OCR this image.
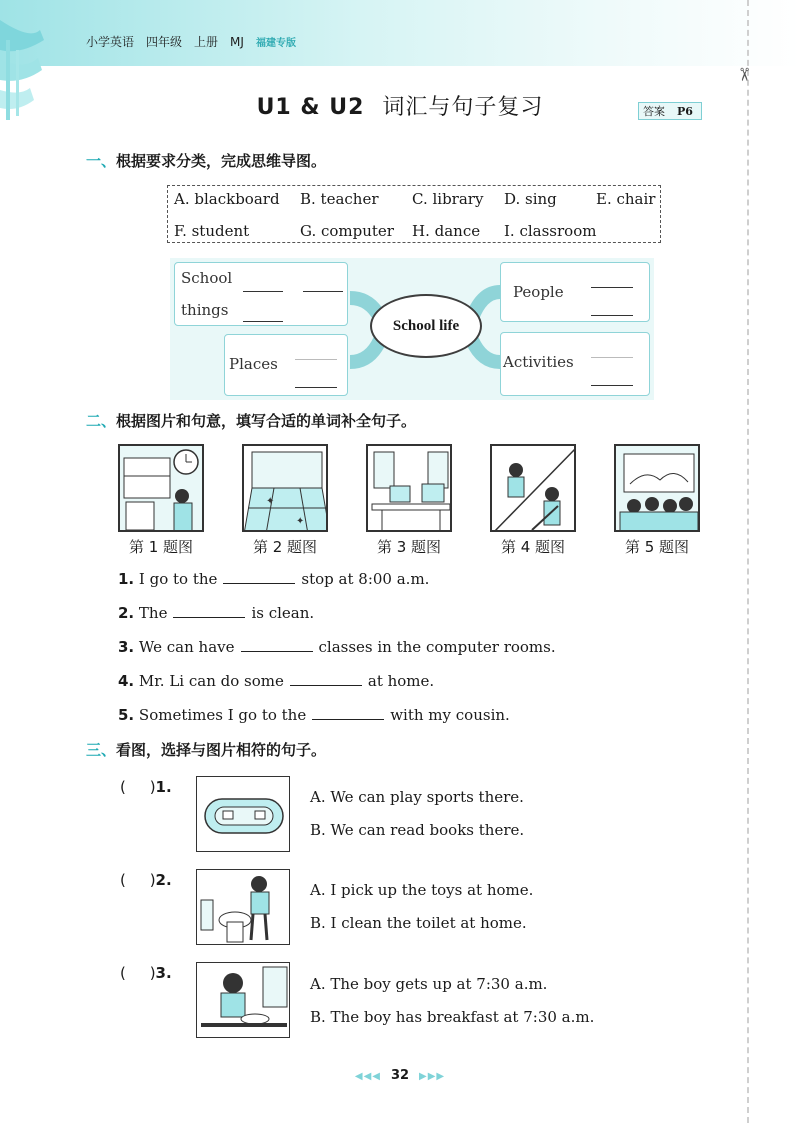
小学英语 四年级 上册 MJ 福建专版
✂
U1 & U2 词汇与句子复习	答案	P6
一、根据要求分类，完成思维导图。
A. blackboard B. teacher C. library D. sing	E. chair
F. student	G. computer H. dance I. classroom
School
things
Places
School life
People
Activities
二、根据图片和句意，填写合适的单词补全句子。
✦
✦
第 1 题图	第 2 题图	第 3 题图	第 4 题图	第 5 题图
1. I go to the	stop at 8:00 a.m.
2. The	is clean.
3. We can have	classes in the computer rooms.
4. Mr. Li can do some	at home.
5. Sometimes I go to the	with my cousin.
三、看图，选择与图片相符的句子。
(     )1.
A. We can play sports there.
B. We can read books there.
(     )2.
A. I pick up the toys at home.
B. I clean the toilet at home.
(     )3.
A. The boy gets up at 7:30 a.m.
B. The boy has breakfast at 7:30 a.m.
◀◀◀ 32 ▶▶▶
